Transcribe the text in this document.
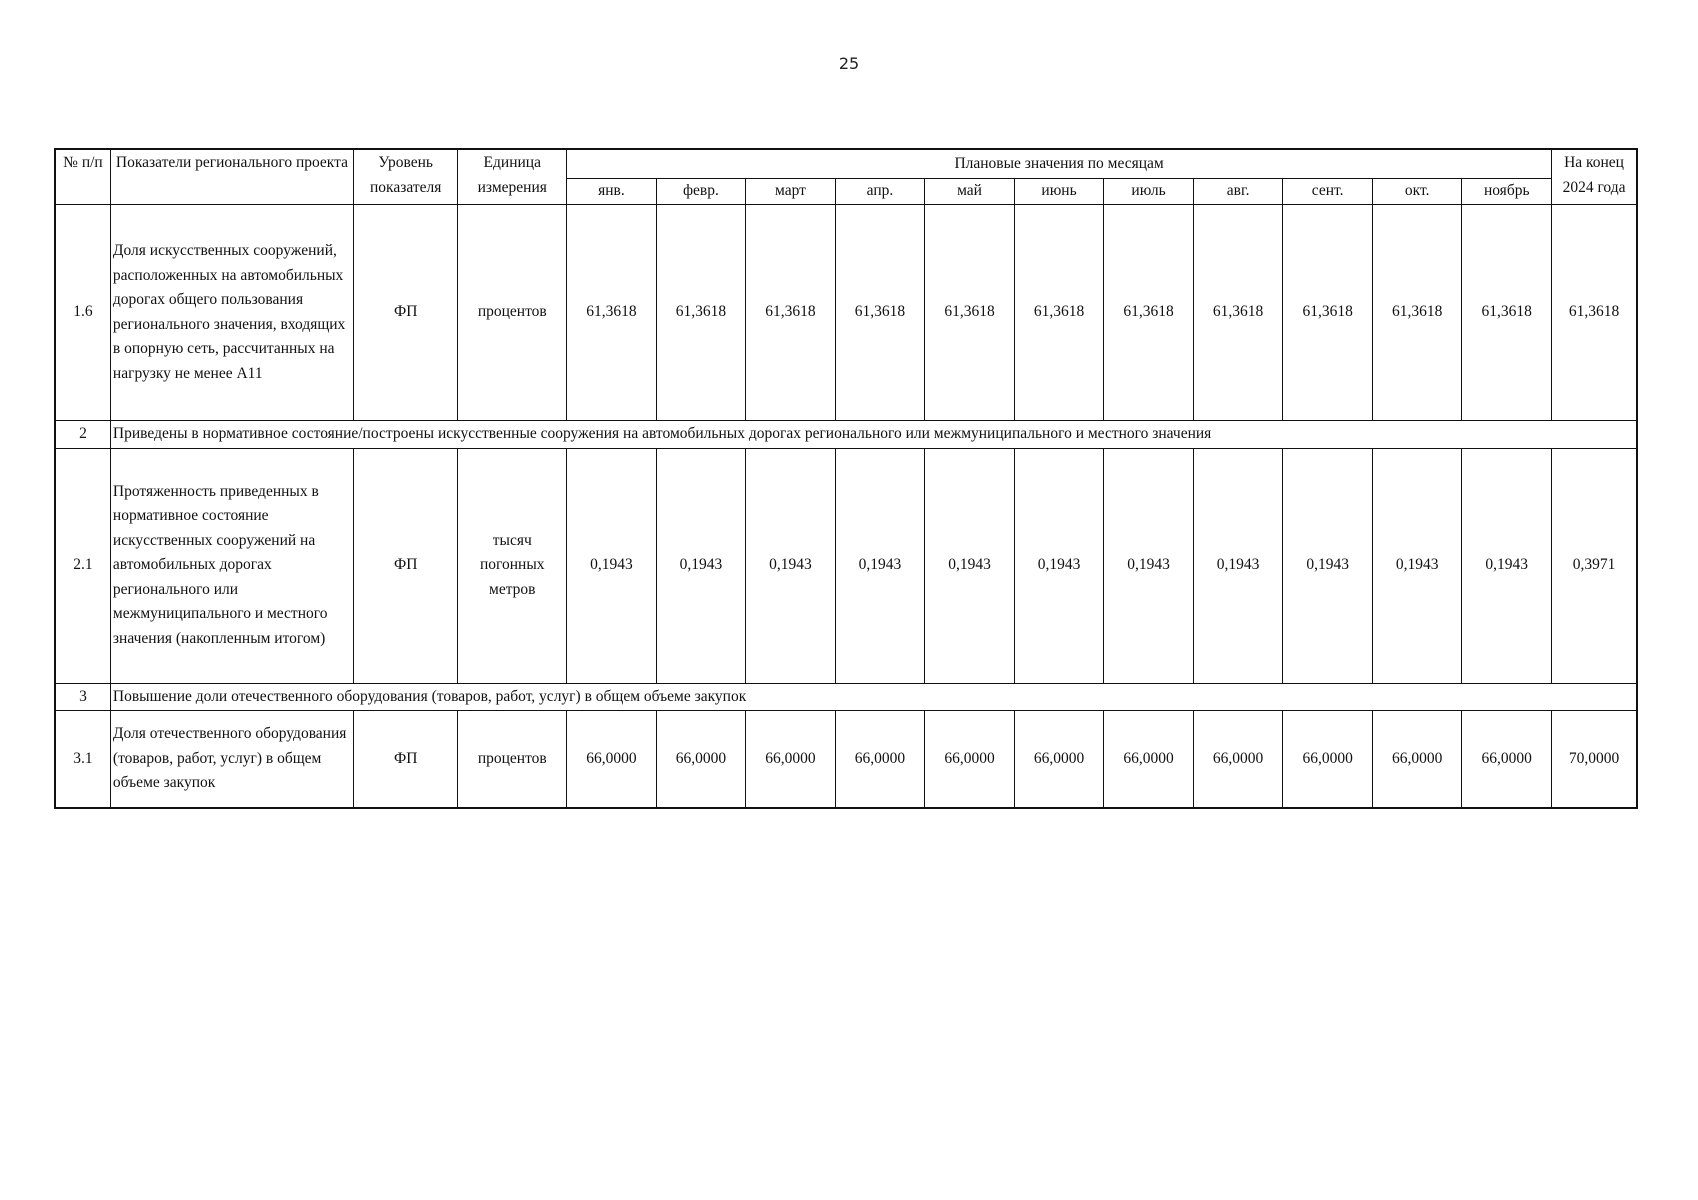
25
№ п/п	Показатели регионального проекта	Уровень показателя	Единица измерения	Плановые значения по месяцам											На конец 2024 года
				янв.	февр.	март	апр.	май	июнь	июль	авг.	сент.	окт.	ноябрь	
1.6	Доля искусственных сооружений, расположенных на автомобильных дорогах общего пользования регионального значения, входящих в опорную сеть, рассчитанных на нагрузку не менее А11	ФП	процентов	61,3618	61,3618	61,3618	61,3618	61,3618	61,3618	61,3618	61,3618	61,3618	61,3618	61,3618	61,3618
2	Приведены в нормативное состояние/построены искусственные сооружения на автомобильных дорогах регионального или межмуниципального и местного значения														
2.1	Протяженность приведенных в нормативное состояние искусственных сооружений на автомобильных дорогах регионального или межмуниципального и местного значения (накопленным итогом)	ФП	тысяч погонных метров	0,1943	0,1943	0,1943	0,1943	0,1943	0,1943	0,1943	0,1943	0,1943	0,1943	0,1943	0,3971
3	Повышение доли отечественного оборудования (товаров, работ, услуг) в общем объеме закупок														
3.1	Доля отечественного оборудования (товаров, работ, услуг) в общем объеме закупок	ФП	процентов	66,0000	66,0000	66,0000	66,0000	66,0000	66,0000	66,0000	66,0000	66,0000	66,0000	66,0000	70,0000
